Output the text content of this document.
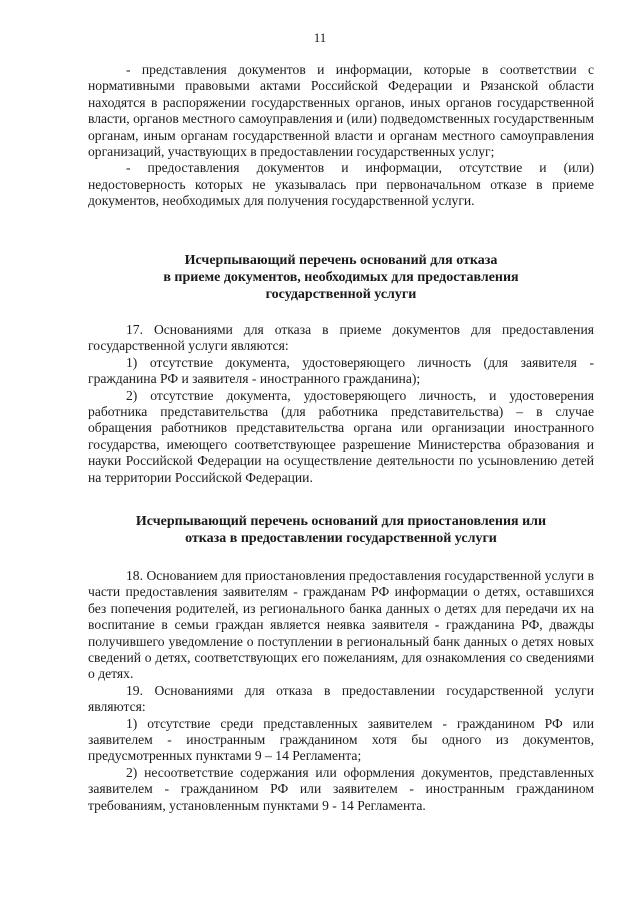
11

- представления документов и информации, которые в соответствии с нормативными правовыми актами Российской Федерации и Рязанской области находятся в распоряжении государственных органов, иных органов государственной власти, органов местного самоуправления и (или) подведомственных государственным органам, иным органам государственной власти и органам местного самоуправления организаций, участвующих в предоставлении государственных услуг;

- предоставления документов и информации, отсутствие и (или) недостоверность которых не указывалась при первоначальном отказе в приеме документов, необходимых для получения государственной услуги.

Исчерпывающий перечень оснований для отказа
в приеме документов, необходимых для предоставления
государственной услуги

17. Основаниями для отказа в приеме документов для предоставления государственной услуги являются:

1) отсутствие документа, удостоверяющего личность (для заявителя - гражданина РФ и заявителя - иностранного гражданина);

2) отсутствие документа, удостоверяющего личность, и удостоверения работника представительства (для работника представительства) – в случае обращения работников представительства органа или организации иностранного государства, имеющего соответствующее разрешение Министерства образования и науки Российской Федерации на осуществление деятельности по усыновлению детей на территории Российской Федерации.

Исчерпывающий перечень оснований для приостановления или
отказа в предоставлении государственной услуги

18. Основанием для приостановления предоставления государственной услуги в части предоставления заявителям - гражданам РФ информации о детях, оставшихся без попечения родителей, из регионального банка данных о детях для передачи их на воспитание в семьи граждан является неявка заявителя - гражданина РФ, дважды получившего уведомление о поступлении в региональный банк данных о детях новых сведений о детях, соответствующих его пожеланиям, для ознакомления со сведениями о детях.

19. Основаниями для отказа в предоставлении государственной услуги являются:

1) отсутствие среди представленных заявителем - гражданином РФ или заявителем - иностранным гражданином хотя бы одного из документов, предусмотренных пунктами 9 – 14 Регламента;

2) несоответствие содержания или оформления документов, представленных заявителем - гражданином РФ или заявителем - иностранным гражданином требованиям, установленным пунктами 9 - 14 Регламента.
